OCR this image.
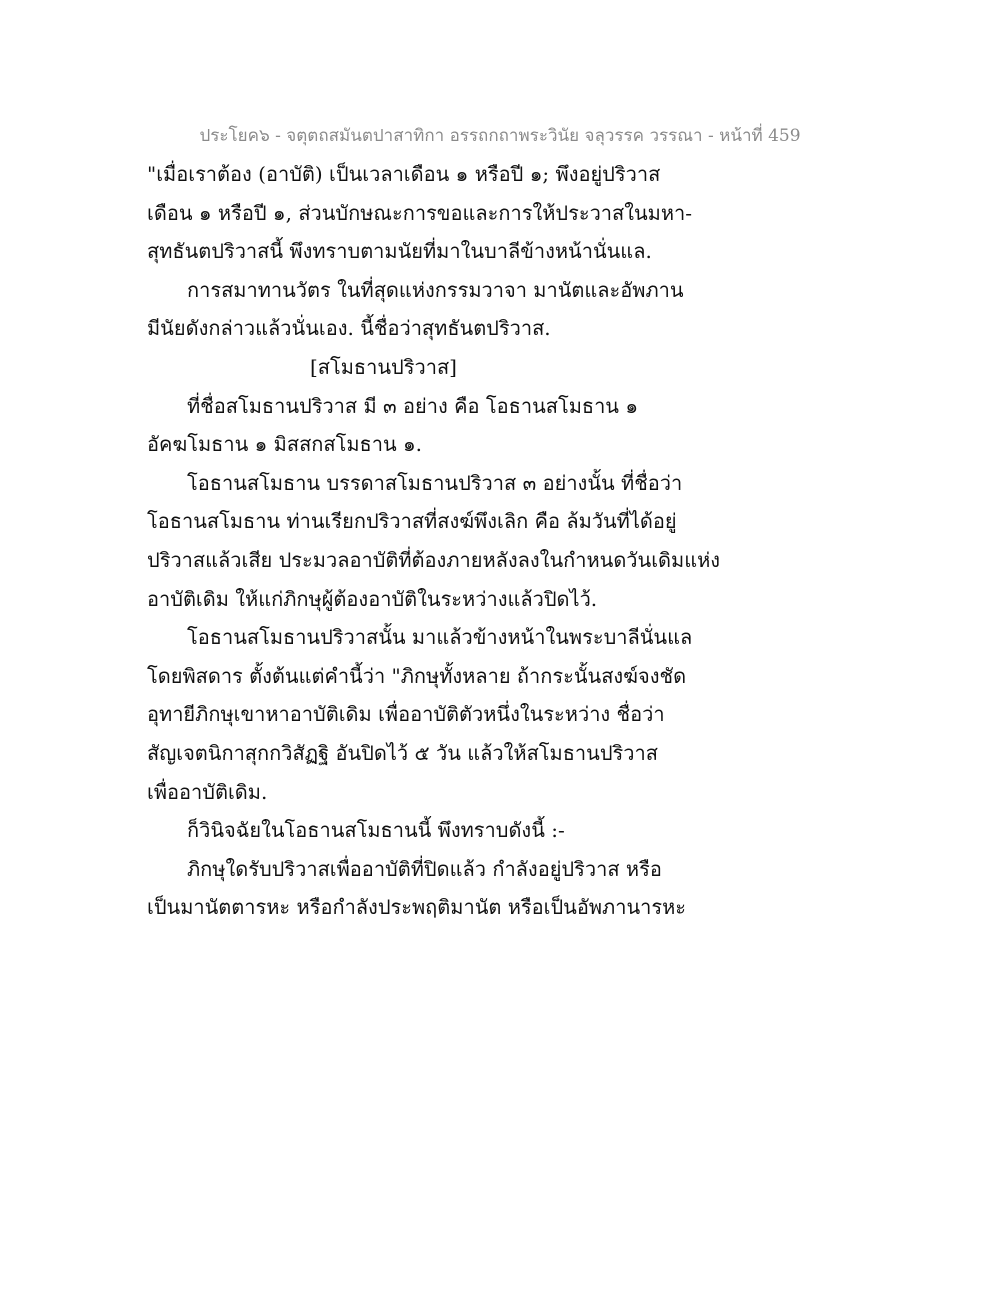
ประโยค๖ - จตุตถสมันตปาสาทิกา อรรถกถาพระวินัย จลุวรรค วรรณา - หน้าที่ 459
"เมื่อเราต้อง (อาบัติ) เป็นเวลาเดือน ๑ หรือปี ๑; พึงอยู่ปริวาส
เดือน ๑ หรือปี ๑, ส่วนบักษณะการขอและการให้ประวาสในมหา-
สุทธันตปริวาสนี้ พึงทราบตามนัยที่มาในบาลีข้างหน้านั่นแล.
การสมาทานวัตร ในที่สุดแห่งกรรมวาจา มานัตและอัพภาน
มีนัยดังกล่าวแล้วนั่นเอง. นี้ชื่อว่าสุทธันตปริวาส.
[สโมธานปริวาส]
ที่ชื่อสโมธานปริวาส มี ๓ อย่าง คือ โอธานสโมธาน ๑
อัคฆโมธาน ๑ มิสสกสโมธาน ๑.
โอธานสโมธาน บรรดาสโมธานปริวาส ๓ อย่างนั้น ที่ชื่อว่า
โอธานสโมธาน ท่านเรียกปริวาสที่สงฆ์พึงเลิก คือ ล้มวันที่ได้อยู่
ปริวาสแล้วเสีย ประมวลอาบัติที่ต้องภายหลังลงในกำหนดวันเดิมแห่ง
อาบัติเดิม ให้แก่ภิกษุผู้ต้องอาบัติในระหว่างแล้วปิดไว้.
โอธานสโมธานปริวาสนั้น มาแล้วข้างหน้าในพระบาลีนั่นแล
โดยพิสดาร ตั้งต้นแต่คำนี้ว่า "ภิกษุทั้งหลาย ถ้ากระนั้นสงฆ์จงชัด
อุทายีภิกษุเขาหาอาบัติเดิม เพื่ออาบัติตัวหนึ่งในระหว่าง ชื่อว่า
สัญเจตนิกาสุกกวิสัฏฐิ อันปิดไว้ ๕ วัน แล้วให้สโมธานปริวาส
เพื่ออาบัติเดิม.
ก็วินิจฉัยในโอธานสโมธานนี้ พึงทราบดังนี้ :-
ภิกษุใดรับปริวาสเพื่ออาบัติที่ปิดแล้ว กำลังอยู่ปริวาส หรือ
เป็นมานัตตารหะ หรือกำลังประพฤติมานัต หรือเป็นอัพภานารหะ
